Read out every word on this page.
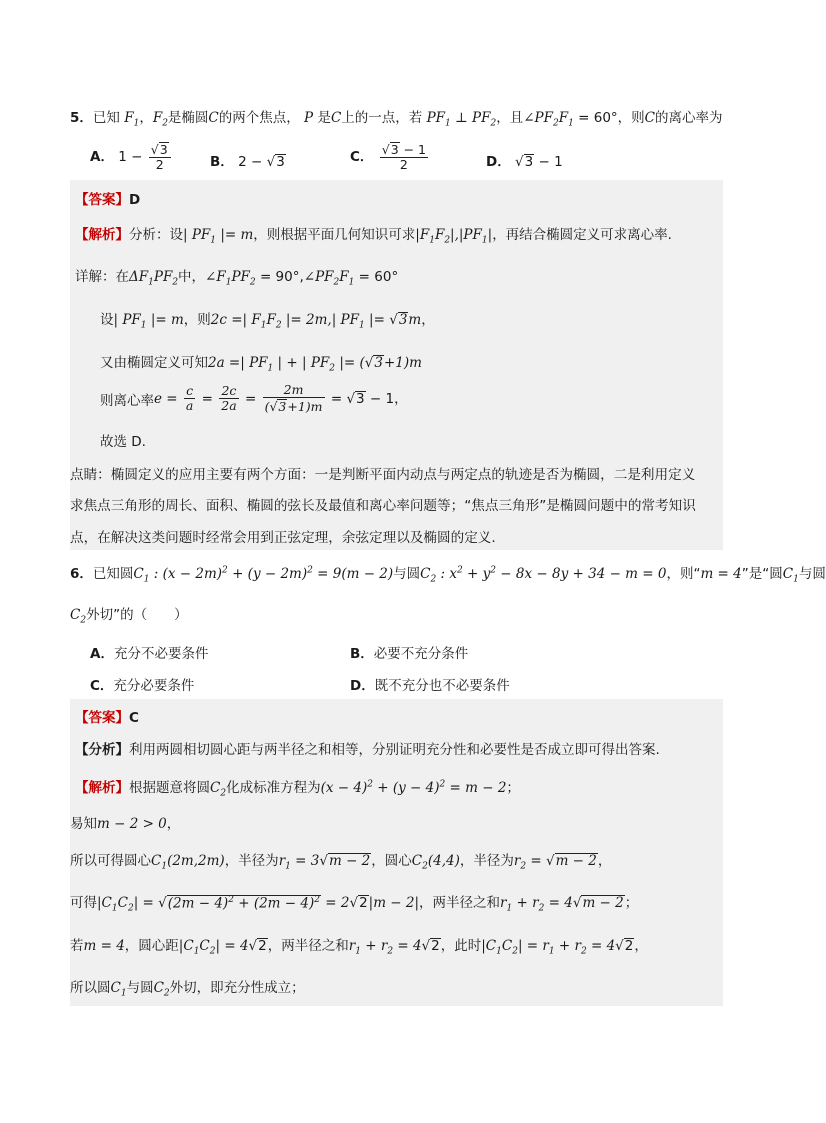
5．已知 $F_1$，$F_2$是椭圆C的两个焦点， P 是C上的一点，若 $PF_1$ ⊥ $PF_2$，且$\angle PF_2F_1 = 60^\circ$，则C的离心率为
A． $1 - \frac{√3}{2}$	B． 2 − √3	C． $\frac{√3 - 1}{2}$	D． √3 − 1
【答案】D
【解析】分析：设| $PF_1$ |= m，则根据平面几何知识可求$|F_1F_2|,|PF_1|$，再结合椭圆定义可求离心率.
详解：在$\Delta F_1PF_2$中，$\angle F_1PF_2$ = $90^\circ,\angle PF_2F_1 = 60^\circ$
设| $PF_1$ |= m，则2c =| $F_1F_2$ |= 2m,| $PF_1$ |= √3m，
又由椭圆定义可知2a =| $PF_1$ | + | $PF_2$ |= (√3+1)m
则离心率$e = \frac{c}{a} = \frac{2c}{2a} = \frac{2m}{(√3+1)m} = √3 - 1$，
故选 D.
点睛：椭圆定义的应用主要有两个方面：一是判断平面内动点与两定点的轨迹是否为椭圆，二是利用定义
求焦点三角形的周长、面积、椭圆的弦长及最值和离心率问题等；“焦点三角形”是椭圆问题中的常考知识
点，在解决这类问题时经常会用到正弦定理，余弦定理以及椭圆的定义.
6．已知圆$C_1$ : $(x - 2m)^2 + (y - 2m)^2 = 9(m - 2)$与圆$C_2$ : $x^2 + y^2 - 8x - 8y + 34 - m = 0$，则“m = 4”是“圆$C_1$与圆
$C_2$外切”的（　　）
A．充分不必要条件	B．必要不充分条件
C．充分必要条件	D．既不充分也不必要条件
【答案】C
【分析】利用两圆相切圆心距与两半径之和相等，分别证明充分性和必要性是否成立即可得出答案.
【解析】根据题意将圆$C_2$化成标准方程为$(x - 4)^2 + (y - 4)^2 = m - 2$；
易知m − 2 > 0，
所以可得圆心$C_1(2m,2m)$，半径为$r_1 = 3√m - 2$，圆心$C_2(4,4)$，半径为$r_2 = √m - 2$，
可得$|C_1C_2| = √(2m - 4)^2 + (2m - 4)^2 = 2√2|m - 2|$，两半径之和$r_1 + r_2 = 4√m - 2$；
若m = 4，圆心距$|C_1C_2| = 4√2$，两半径之和$r_1 + r_2 = 4√2$，此时$|C_1C_2| = r_1 + r_2 = 4√2$，
所以圆$C_1$与圆$C_2$外切，即充分性成立；
